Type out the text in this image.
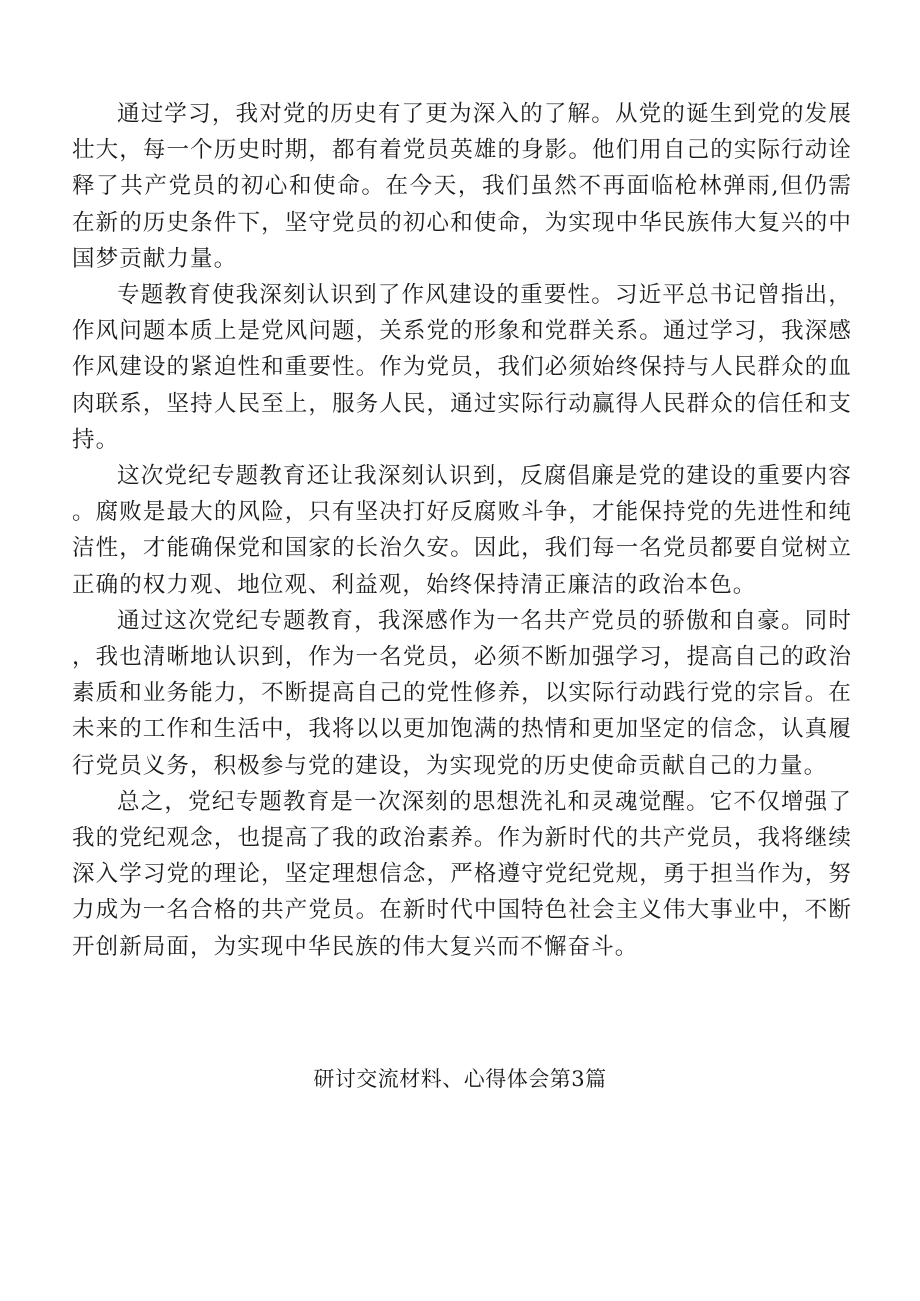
通过学习，我对党的历史有了更为深入的了解。从党的诞生到党的发展壮大，每一个历史时期，都有着党员英雄的身影。他们用自己的实际行动诠释了共产党员的初心和使命。在今天，我们虽然不再面临枪林弹雨,但仍需在新的历史条件下，坚守党员的初心和使命，为实现中华民族伟大复兴的中国梦贡献力量。

专题教育使我深刻认识到了作风建设的重要性。习近平总书记曾指出，作风问题本质上是党风问题，关系党的形象和党群关系。通过学习，我深感作风建设的紧迫性和重要性。作为党员，我们必须始终保持与人民群众的血肉联系，坚持人民至上，服务人民，通过实际行动赢得人民群众的信任和支持。

这次党纪专题教育还让我深刻认识到，反腐倡廉是党的建设的重要内容。腐败是最大的风险，只有坚决打好反腐败斗争，才能保持党的先进性和纯洁性，才能确保党和国家的长治久安。因此，我们每一名党员都要自觉树立正确的权力观、地位观、利益观，始终保持清正廉洁的政治本色。

通过这次党纪专题教育，我深感作为一名共产党员的骄傲和自豪。同时，我也清晰地认识到，作为一名党员，必须不断加强学习，提高自己的政治素质和业务能力，不断提高自己的党性修养，以实际行动践行党的宗旨。在未来的工作和生活中，我将以以更加饱满的热情和更加坚定的信念，认真履行党员义务，积极参与党的建设，为实现党的历史使命贡献自己的力量。

总之，党纪专题教育是一次深刻的思想洗礼和灵魂觉醒。它不仅增强了我的党纪观念，也提高了我的政治素养。作为新时代的共产党员，我将继续深入学习党的理论，坚定理想信念，严格遵守党纪党规，勇于担当作为，努力成为一名合格的共产党员。在新时代中国特色社会主义伟大事业中，不断开创新局面，为实现中华民族的伟大复兴而不懈奋斗。

研讨交流材料、心得体会第3篇
